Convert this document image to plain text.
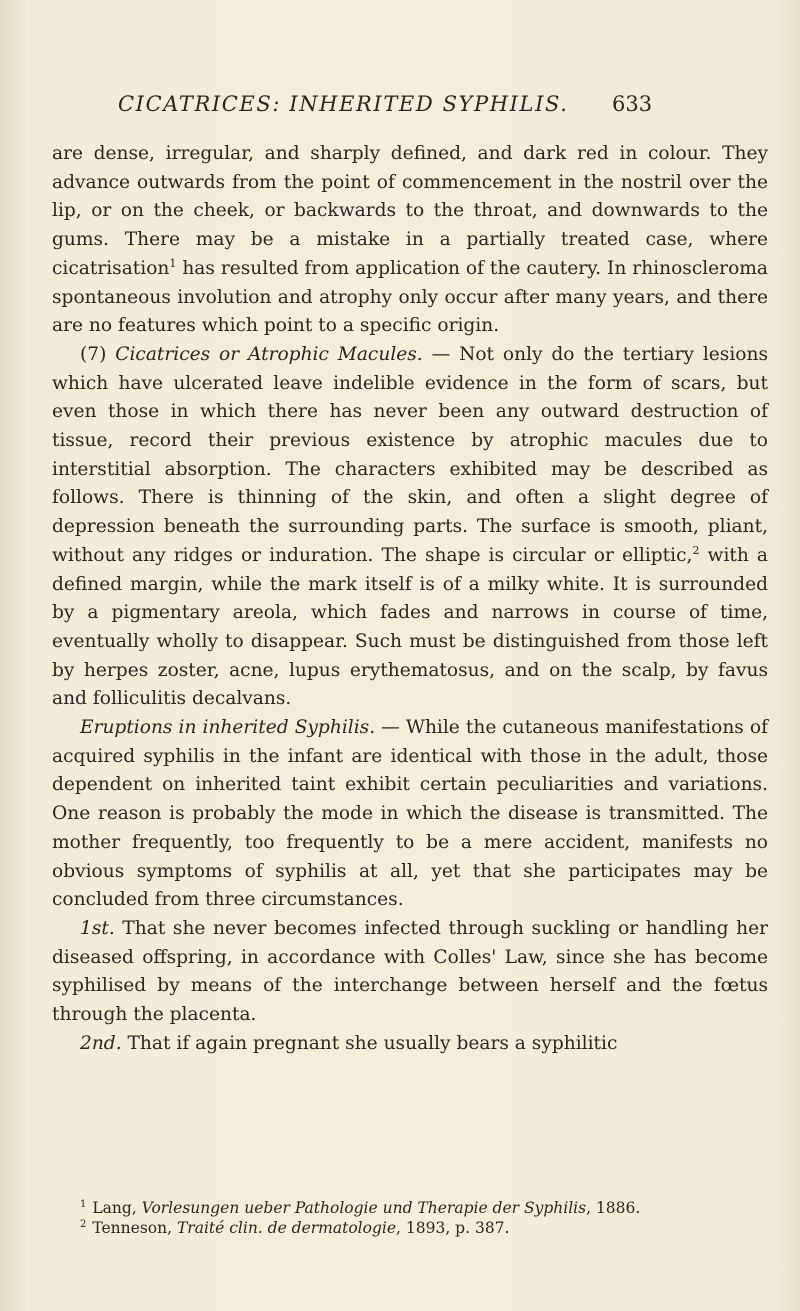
CICATRICES: INHERITED SYPHILIS. 633

are dense, irregular, and sharply defined, and dark red in colour. They advance outwards from the point of commencement in the nostril over the lip, or on the cheek, or backwards to the throat, and downwards to the gums. There may be a mistake in a partially treated case, where cicatrisation$^1$ has resulted from application of the cautery. In rhinoscleroma spontaneous involution and atrophy only occur after many years, and there are no features which point to a specific origin.

(7) Cicatrices or Atrophic Macules. — Not only do the tertiary lesions which have ulcerated leave indelible evidence in the form of scars, but even those in which there has never been any outward destruction of tissue, record their previous existence by atrophic macules due to interstitial absorption. The characters exhibited may be described as follows. There is thinning of the skin, and often a slight degree of depression beneath the surrounding parts. The surface is smooth, pliant, without any ridges or induration. The shape is circular or elliptic,$^2$ with a defined margin, while the mark itself is of a milky white. It is surrounded by a pigmentary areola, which fades and narrows in course of time, eventually wholly to disappear. Such must be distinguished from those left by herpes zoster, acne, lupus erythematosus, and on the scalp, by favus and folliculitis decalvans.

Eruptions in inherited Syphilis. — While the cutaneous manifestations of acquired syphilis in the infant are identical with those in the adult, those dependent on inherited taint exhibit certain peculiarities and variations. One reason is probably the mode in which the disease is transmitted. The mother frequently, too frequently to be a mere accident, manifests no obvious symptoms of syphilis at all, yet that she participates may be concluded from three circumstances.

1st. That she never becomes infected through suckling or handling her diseased offspring, in accordance with Colles' Law, since she has become syphilised by means of the interchange between herself and the fœtus through the placenta.

2nd. That if again pregnant she usually bears a syphilitic

$^1$ Lang, Vorlesungen ueber Pathologie und Therapie der Syphilis, 1886.
$^2$ Tenneson, Traité clin. de dermatologie, 1893, p. 387.
